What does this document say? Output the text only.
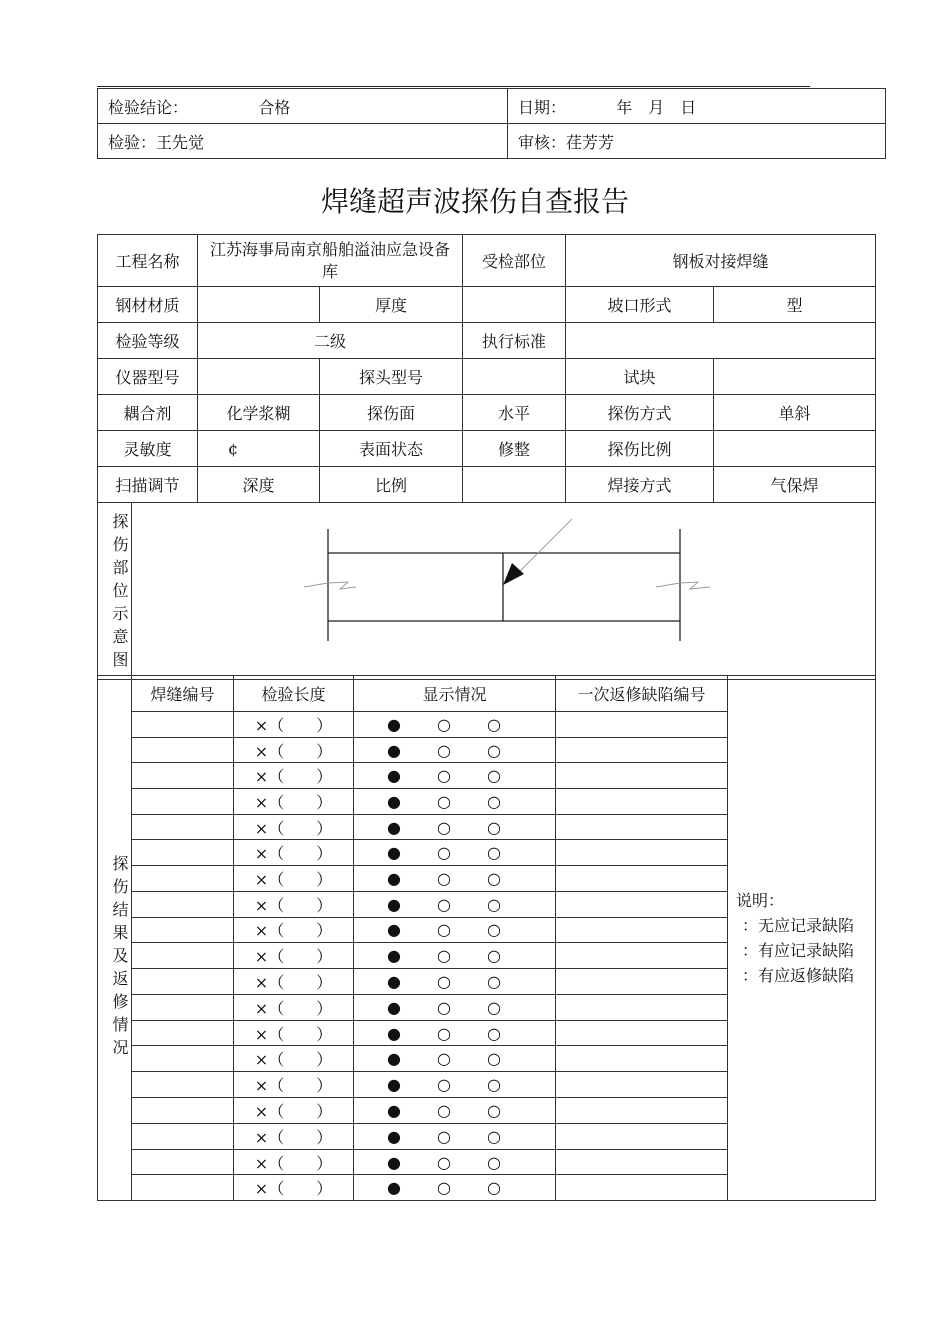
检验结论： 合格	日期： 年　月　日
检验：王先觉	审核：荏芳芳
焊缝超声波探伤自查报告
工程名称		江苏海事局南京船舶溢油应急设备库		受检部位	钢板对接焊缝	
钢材材质			厚度		坡口形式	型
检验等级		二级		执行标准		
仪器型号			探头型号		试块	
耦合剂		化学浆糊	探伤面	水平	探伤方式	单斜
灵敏度		¢	表面状态	修整	探伤比例	
扫描调节		深度	比例		焊接方式	气保焊
探伤部位示意图	
探伤结果及返修情况	焊缝编号	检验长度	显示情况	一次返修缺陷编号	说明：
：无应记录缺陷
：有应记录缺陷
：有应返修缺陷

		×（　　）	● ○ ○		
		×（　　）	● ○ ○		
		×（　　）	● ○ ○		
		×（　　）	● ○ ○		
		×（　　）	● ○ ○		
		×（　　）	● ○ ○		
		×（　　）	● ○ ○		
		×（　　）	● ○ ○		
		×（　　）	● ○ ○		
		×（　　）	● ○ ○		
		×（　　）	● ○ ○		
		×（　　）	● ○ ○		
		×（　　）	● ○ ○		
		×（　　）	● ○ ○		
		×（　　）	● ○ ○		
		×（　　）	● ○ ○		
		×（　　）	● ○ ○		
		×（　　）	● ○ ○		
		×（　　）	● ○ ○		
